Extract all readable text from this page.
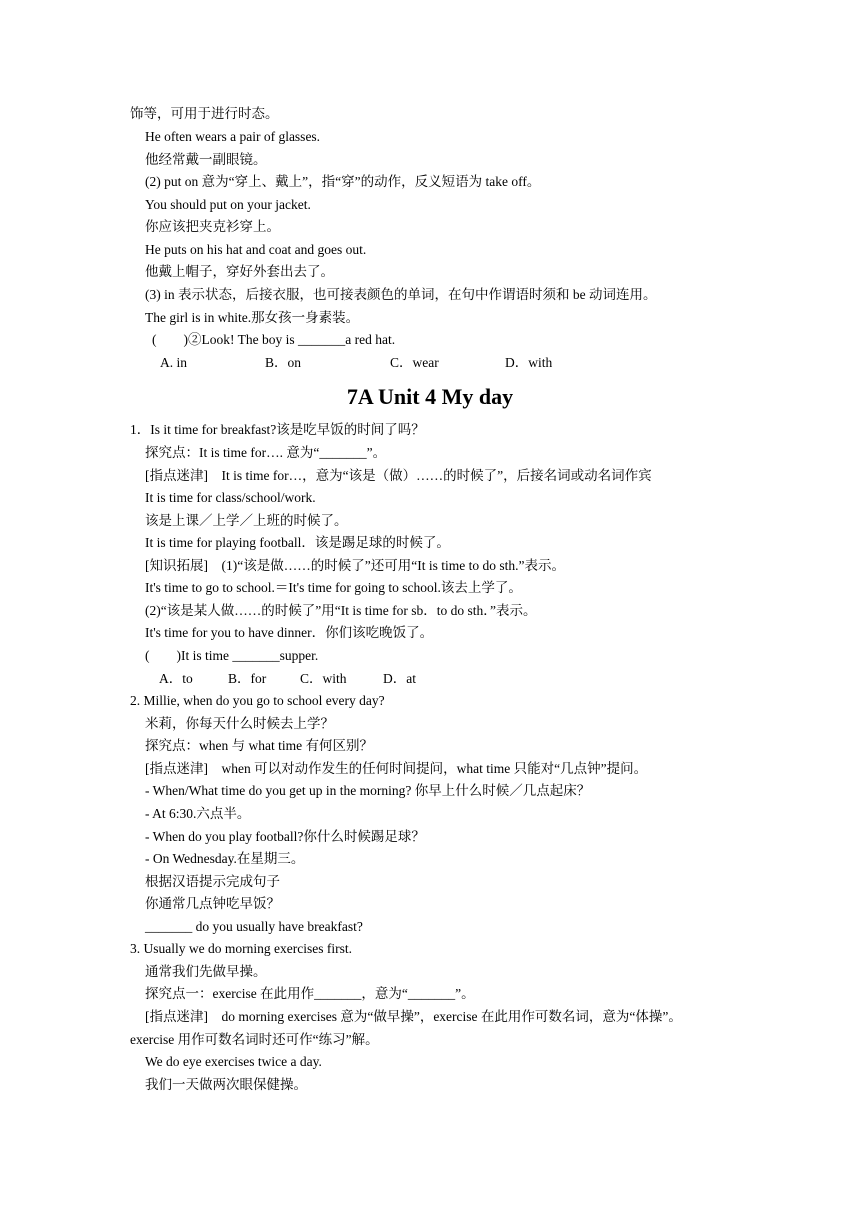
饰等，可用于进行时态。
He often wears a pair of glasses.
他经常戴一副眼镜。
(2) put on 意为“穿上、戴上”，指“穿”的动作，反义短语为 take off。
You should put on your jacket.
你应该把夹克衫穿上。
He puts on his hat and coat and goes out.
他戴上帽子，穿好外套出去了。
(3) in 表示状态，后接衣服，也可接表颜色的单词，在句中作谓语时须和 be 动词连用。
The girl is in white.那女孩一身素装。
(　　)②Look! The boy is _______a red hat.
A. in	B．on	C．wear	D．with
7A Unit 4 My day
1．Is it time for breakfast?该是吃早饭的时间了吗？
探究点：It is time for…. 意为“_______”。
[指点迷津]　It is time for…，意为“该是（做）……的时候了”，后接名词或动名词作宾
It is time for class/school/work.
该是上课／上学／上班的时候了。
It is time for playing football．该是踢足球的时候了。
[知识拓展]　(1)“该是做……的时候了”还可用“It is time to do sth.”表示。
It's time to go to school.＝It's time for going to school.该去上学了。
(2)“该是某人做……的时候了”用“It is time for sb．to do sth．”表示。
It's time for you to have dinner．你们该吃晚饭了。
(　　)It is time _______supper.
A．to	B．for	C．with	D．at
2. Millie, when do you go to school every day?
米莉，你每天什么时候去上学？
探究点：when 与 what time 有何区别？
[指点迷津]　when 可以对动作发生的任何时间提问，what time 只能对“几点钟”提问。
- When/What time do you get up in the morning? 你早上什么时候／几点起床？
- At 6:30.六点半。
- When do you play football?你什么时候踢足球？
- On Wednesday.在星期三。
根据汉语提示完成句子
你通常几点钟吃早饭？
_______ do you usually have breakfast?
3. Usually we do morning exercises first.
通常我们先做早操。
探究点一：exercise 在此用作_______，意为“_______”。
[指点迷津]　do morning exercises 意为“做早操”，exercise 在此用作可数名词，意为“体操”。
exercise 用作可数名词时还可作“练习”解。
We do eye exercises twice a day.
我们一天做两次眼保健操。
